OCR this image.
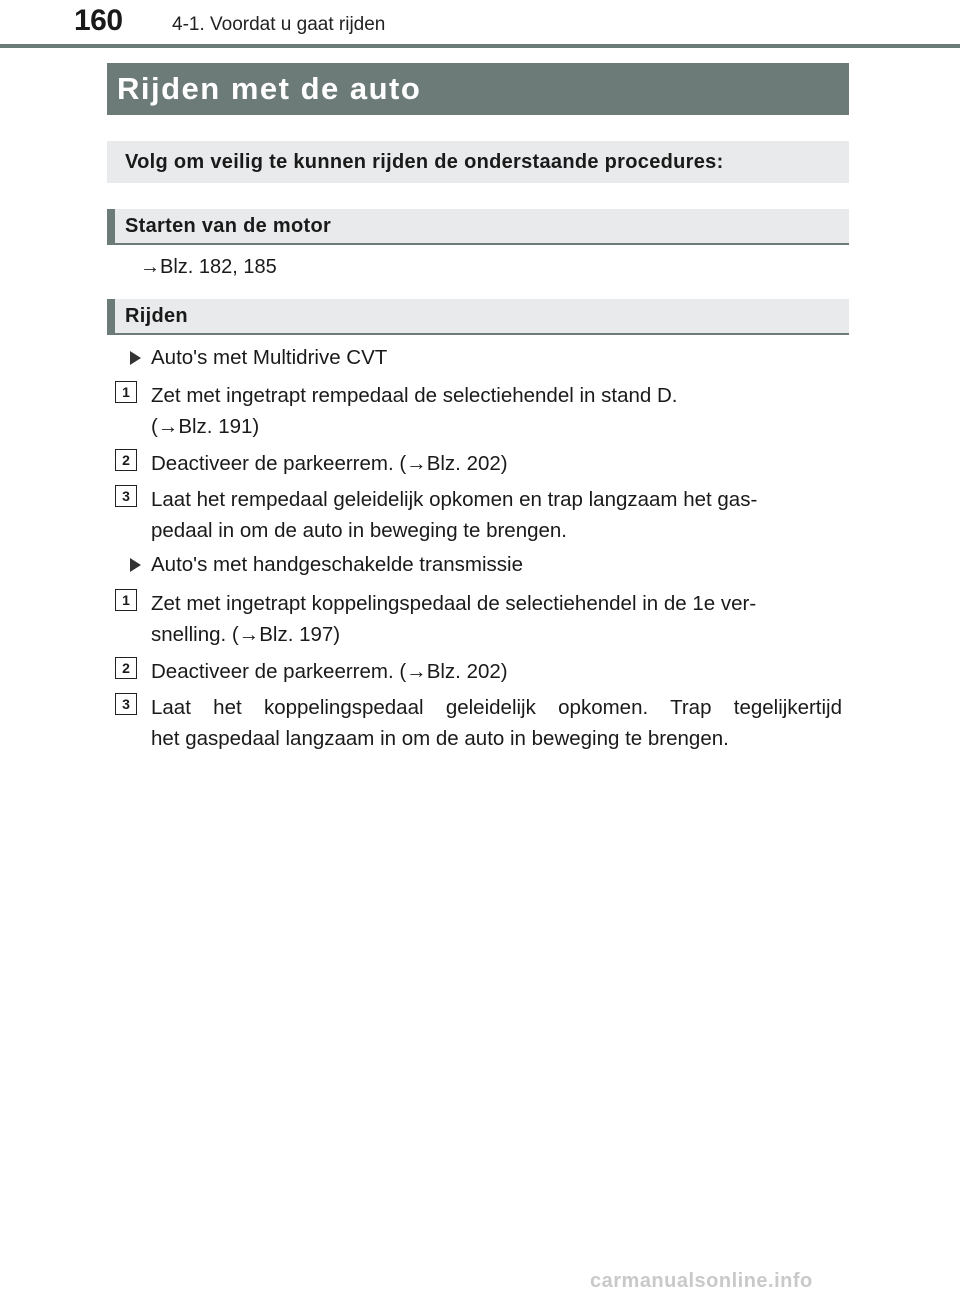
160	4-1. Voordat u gaat rijden
Rijden met de auto
Volg om veilig te kunnen rijden de onderstaande procedures:
Starten van de motor
→Blz. 182, 185
Rijden
Auto's met Multidrive CVT
1	Zet met ingetrapt rempedaal de selectiehendel in stand D.
(→Blz. 191)
2	Deactiveer de parkeerrem. (→Blz. 202)
3	Laat het rempedaal geleidelijk opkomen en trap langzaam het gas-
pedaal in om de auto in beweging te brengen.
Auto's met handgeschakelde transmissie
1	Zet met ingetrapt koppelingspedaal de selectiehendel in de 1e ver-
snelling. (→Blz. 197)
2	Deactiveer de parkeerrem. (→Blz. 202)
3	Laat het koppelingspedaal geleidelijk opkomen. Trap tegelijkertijd
het gaspedaal langzaam in om de auto in beweging te brengen.
carmanualsonline.info
